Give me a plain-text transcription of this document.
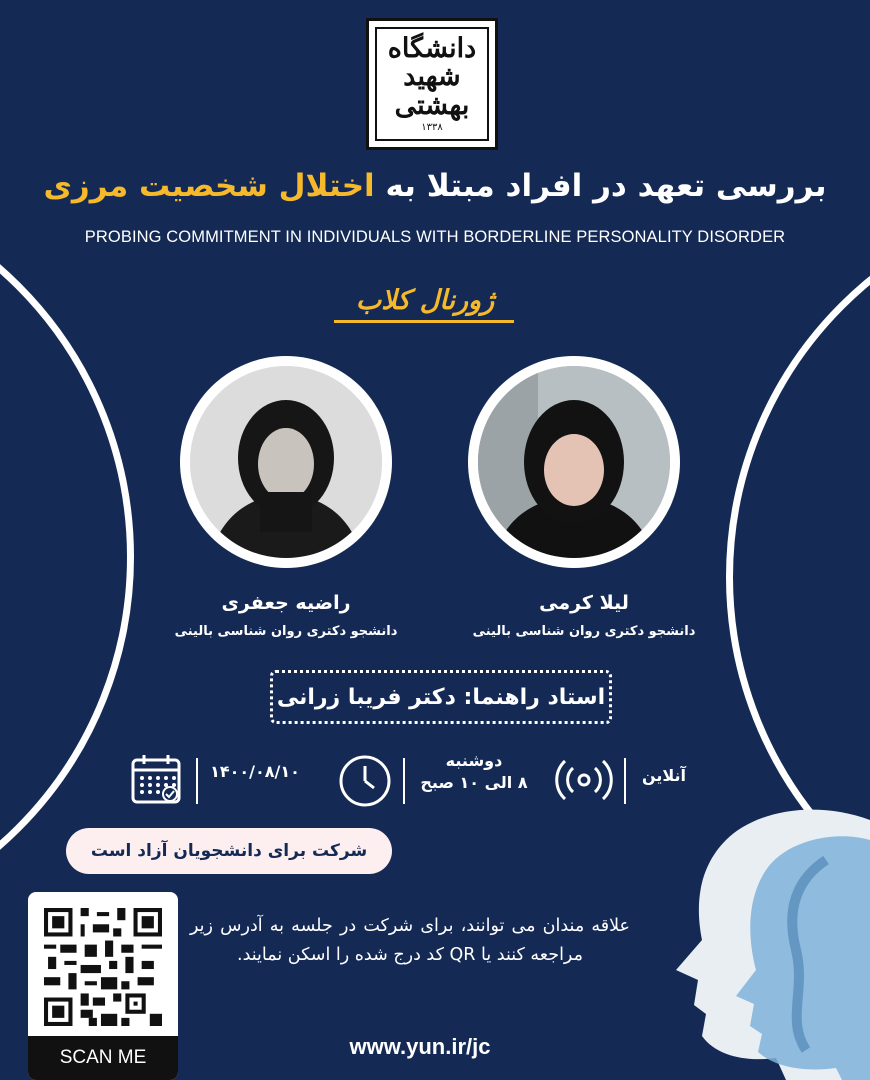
دانشگاه
شهید
بهشتی
۱۳۳۸
بررسی تعهد در افراد مبتلا به اختلال شخصیت مرزی
PROBING COMMITMENT IN INDIVIDUALS WITH BORDERLINE PERSONALITY DISORDER
ژورنال کلاب
راضیه جعفری
دانشجو دکتری روان شناسی بالینی
لیلا کرمی
دانشجو دکتری روان شناسی بالینی
استاد راهنما: دکتر فریبا زرانی
۱۴۰۰/۰۸/۱۰
دوشنبه
۸ الی ۱۰ صبح	آنلاین
شرکت برای دانشجویان آزاد است
SCAN ME
علاقه مندان می توانند، برای شرکت در جلسه به آدرس زیر مراجعه کنند یا QR کد درج شده را اسکن نمایند.
www.yun.ir/jc
